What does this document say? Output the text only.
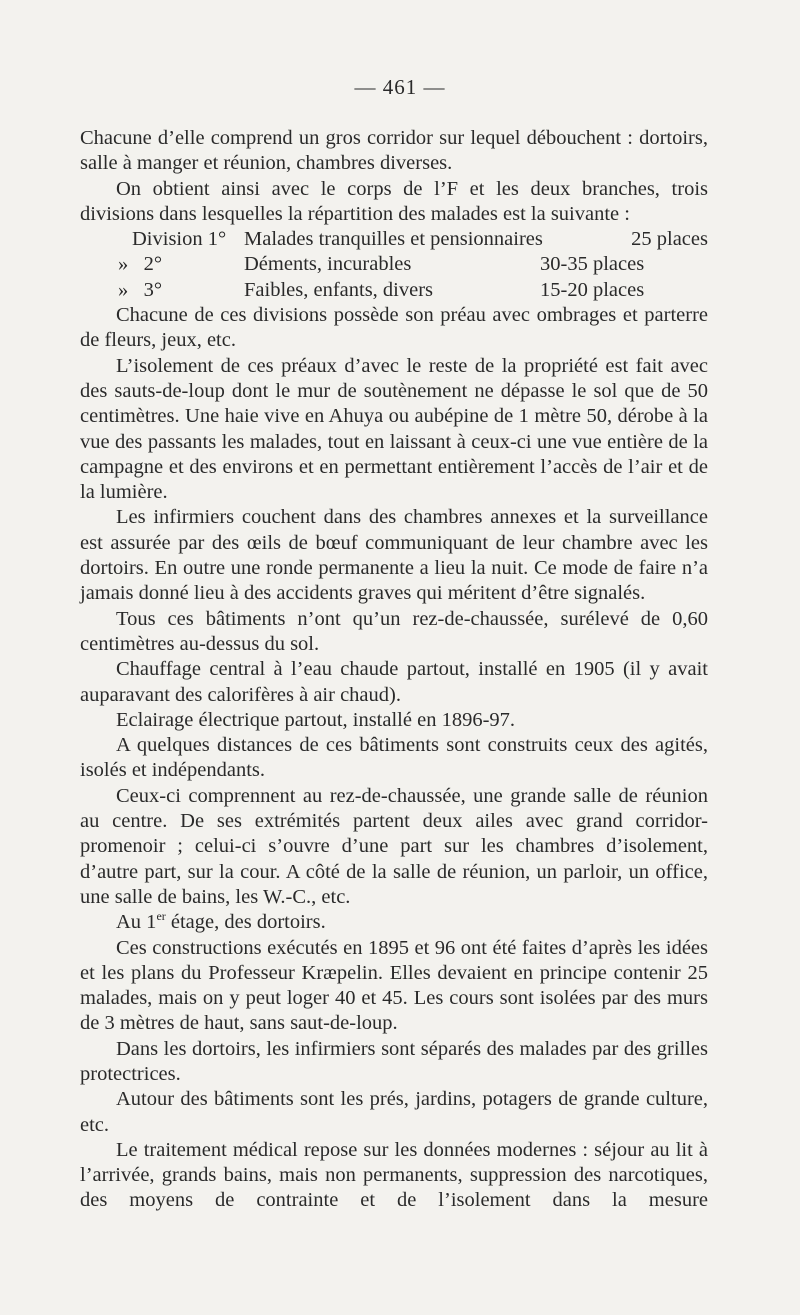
— 461 —

Chacune d’elle comprend un gros corridor sur lequel débouchent : dortoirs, salle à manger et réunion, chambres diverses.

On obtient ainsi avec le corps de l’F et les deux branches, trois divisions dans lesquelles la répartition des malades est la suivante :

Division 1° Malades tranquilles et pensionnaires	25 places
»   2°	Déments, incurables	30-35 places
»   3°	Faibles, enfants, divers	15-20 places

Chacune de ces divisions possède son préau avec ombrages et parterre de fleurs, jeux, etc.

L’isolement de ces préaux d’avec le reste de la propriété est fait avec des sauts-de-loup dont le mur de soutènement ne dépasse le sol que de 50 centimètres. Une haie vive en Ahuya ou aubépine de 1 mètre 50, dérobe à la vue des passants les malades, tout en laissant à ceux-ci une vue entière de la campagne et des environs et en permettant entièrement l’accès de l’air et de la lumière.

Les infirmiers couchent dans des chambres annexes et la surveillance est assurée par des œils de bœuf communiquant de leur chambre avec les dortoirs. En outre une ronde permanente a lieu la nuit. Ce mode de faire n’a jamais donné lieu à des accidents graves qui méritent d’être signalés.

Tous ces bâtiments n’ont qu’un rez-de-chaussée, surélevé de 0,60 centimètres au-dessus du sol.

Chauffage central à l’eau chaude partout, installé en 1905 (il y avait auparavant des calorifères à air chaud).

Eclairage électrique partout, installé en 1896-97.

A quelques distances de ces bâtiments sont construits ceux des agités, isolés et indépendants.

Ceux-ci comprennent au rez-de-chaussée, une grande salle de réunion au centre. De ses extrémités partent deux ailes avec grand corridor-promenoir ; celui-ci s’ouvre d’une part sur les chambres d’isolement, d’autre part, sur la cour. A côté de la salle de réunion, un parloir, un office, une salle de bains, les W.-C., etc.

Au 1er étage, des dortoirs.

Ces constructions exécutés en 1895 et 96 ont été faites d’après les idées et les plans du Professeur Kræpelin. Elles devaient en principe contenir 25 malades, mais on y peut loger 40 et 45. Les cours sont isolées par des murs de 3 mètres de haut, sans saut-de-loup.

Dans les dortoirs, les infirmiers sont séparés des malades par des grilles protectrices.

Autour des bâtiments sont les prés, jardins, potagers de grande culture, etc.

Le traitement médical repose sur les données modernes : séjour au lit à l’arrivée, grands bains, mais non permanents, suppression des narcotiques, des moyens de contrainte et de l’isolement dans la mesure
